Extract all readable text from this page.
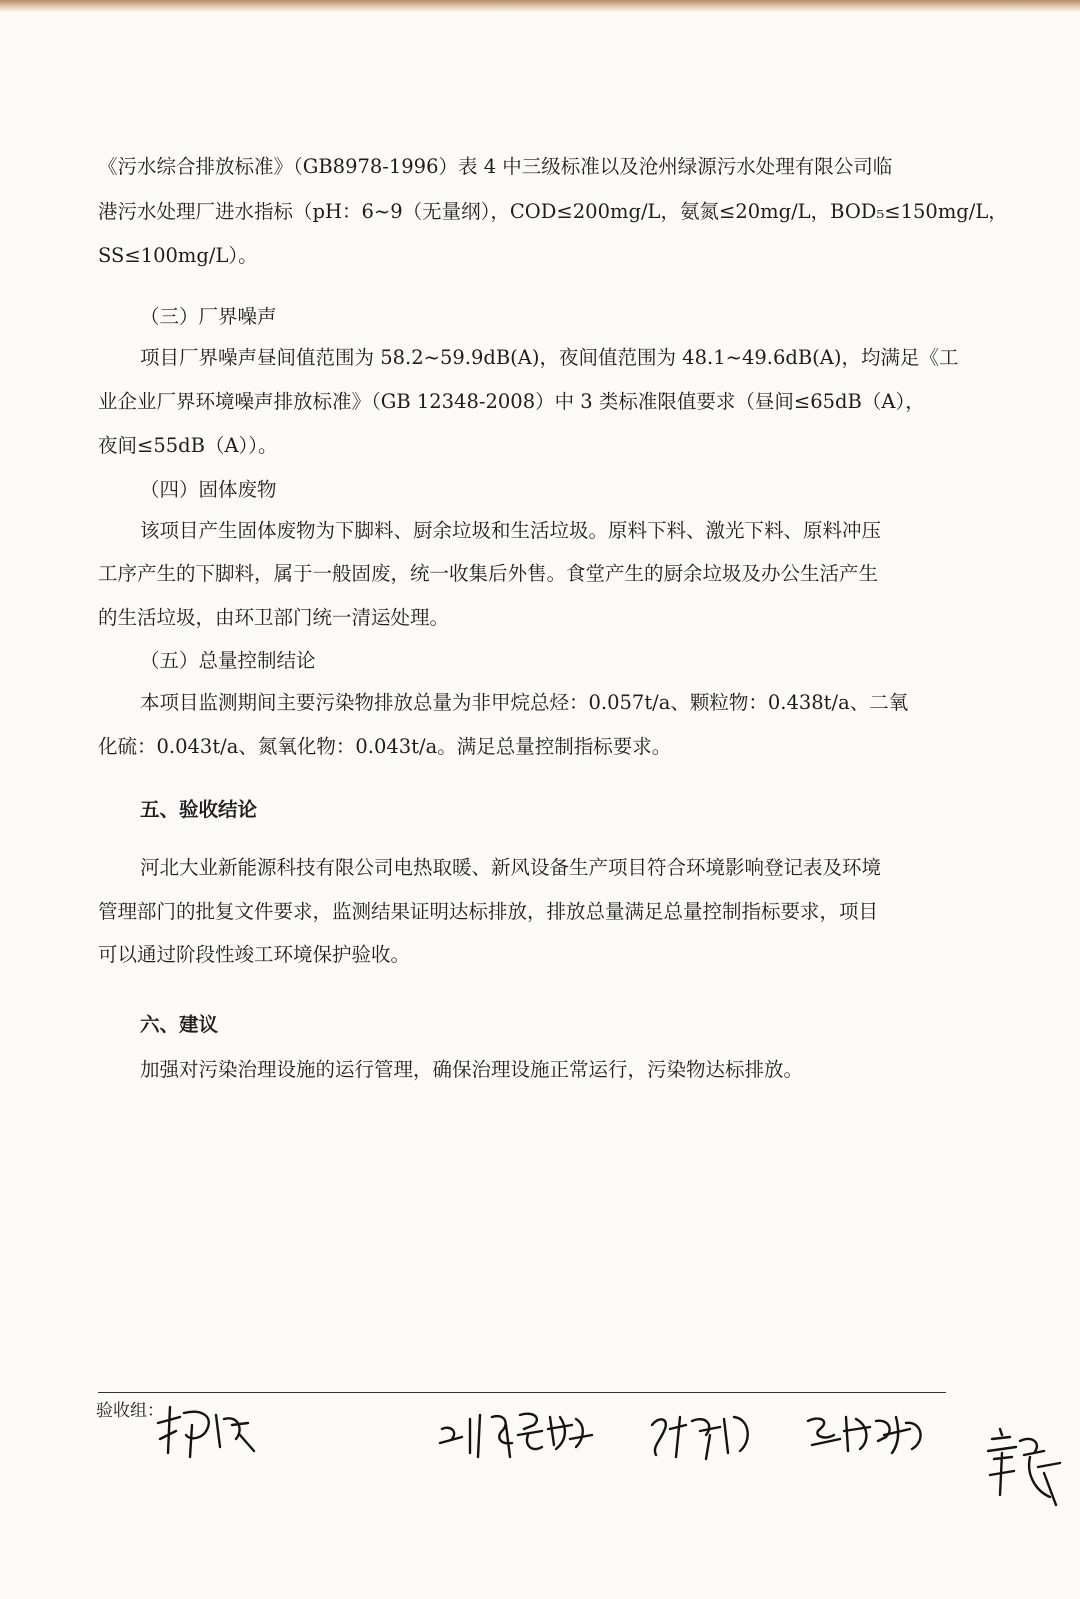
《污水综合排放标准》（GB8978-1996）表 4 中三级标准以及沧州绿源污水处理有限公司临
港污水处理厂进水指标（pH：6~9（无量纲），COD≤200mg/L，氨氮≤20mg/L，BOD₅≤150mg/L，
SS≤100mg/L）。
（三）厂界噪声
项目厂界噪声昼间值范围为 58.2~59.9dB(A)，夜间值范围为 48.1~49.6dB(A)，均满足《工
业企业厂界环境噪声排放标准》（GB 12348-2008）中 3 类标准限值要求（昼间≤65dB（A），
夜间≤55dB（A））。
（四）固体废物
该项目产生固体废物为下脚料、厨余垃圾和生活垃圾。原料下料、激光下料、原料冲压
工序产生的下脚料，属于一般固废，统一收集后外售。食堂产生的厨余垃圾及办公生活产生
的生活垃圾，由环卫部门统一清运处理。
（五）总量控制结论
本项目监测期间主要污染物排放总量为非甲烷总烃：0.057t/a、颗粒物：0.438t/a、二氧
化硫：0.043t/a、氮氧化物：0.043t/a。满足总量控制指标要求。
五、验收结论
河北大业新能源科技有限公司电热取暖、新风设备生产项目符合环境影响登记表及环境
管理部门的批复文件要求，监测结果证明达标排放，排放总量满足总量控制指标要求，项目
可以通过阶段性竣工环境保护验收。
六、建议
加强对污染治理设施的运行管理，确保治理设施正常运行，污染物达标排放。
验收组：
